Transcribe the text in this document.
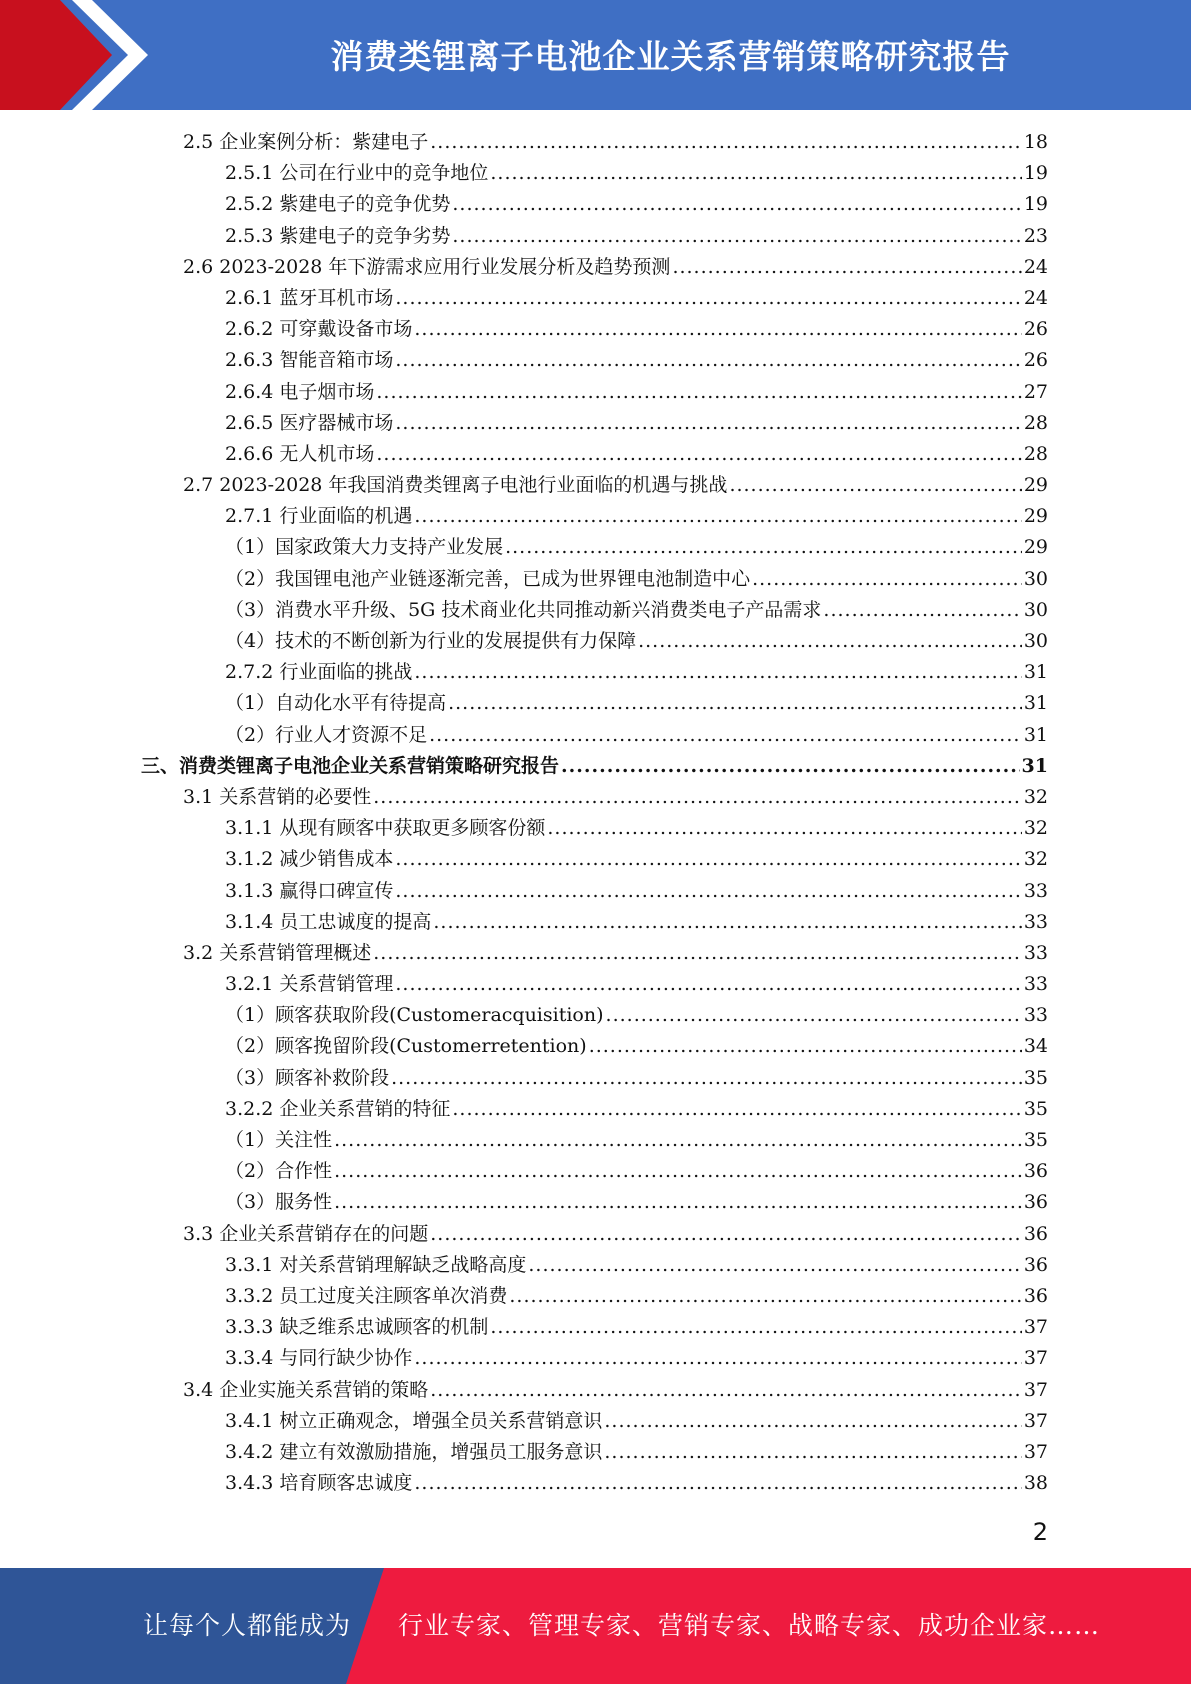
消费类锂离子电池企业关系营销策略研究报告
2.5 企业案例分析：紫建电子 .....	18
2.5.1 公司在行业中的竞争地位 .....	19
2.5.2 紫建电子的竞争优势 .....	19
2.5.3 紫建电子的竞争劣势 .....	23
2.6 2023-2028 年下游需求应用行业发展分析及趋势预测 .....	24
2.6.1 蓝牙耳机市场 .....	24
2.6.2 可穿戴设备市场 .....	26
2.6.3 智能音箱市场 .....	26
2.6.4 电子烟市场 .....	27
2.6.5 医疗器械市场 .....	28
2.6.6 无人机市场 .....	28
2.7 2023-2028 年我国消费类锂离子电池行业面临的机遇与挑战 .....	29
2.7.1 行业面临的机遇 .....	29
（1）国家政策大力支持产业发展 .....	29
（2）我国锂电池产业链逐渐完善，已成为世界锂电池制造中心 .....	30
（3）消费水平升级、5G 技术商业化共同推动新兴消费类电子产品需求 .....	30
（4）技术的不断创新为行业的发展提供有力保障 .....	30
2.7.2 行业面临的挑战 .....	31
（1）自动化水平有待提高 .....	31
（2）行业人才资源不足 .....	31
三、消费类锂离子电池企业关系营销策略研究报告 .....	31
3.1 关系营销的必要性 .....	32
3.1.1 从现有顾客中获取更多顾客份额 .....	32
3.1.2 减少销售成本 .....	32
3.1.3 赢得口碑宣传 .....	33
3.1.4 员工忠诚度的提高 .....	33
3.2 关系营销管理概述 .....	33
3.2.1 关系营销管理 .....	33
（1）顾客获取阶段(Customeracquisition) .....	33
（2）顾客挽留阶段(Customerretention) .....	34
（3）顾客补救阶段 .....	35
3.2.2 企业关系营销的特征 .....	35
（1）关注性 .....	35
（2）合作性 .....	36
（3）服务性 .....	36
3.3 企业关系营销存在的问题 .....	36
3.3.1 对关系营销理解缺乏战略高度 .....	36
3.3.2 员工过度关注顾客单次消费 .....	36
3.3.3 缺乏维系忠诚顾客的机制 .....	37
3.3.4 与同行缺少协作 .....	37
3.4 企业实施关系营销的策略 .....	37
3.4.1 树立正确观念，增强全员关系营销意识 .....	37
3.4.2 建立有效激励措施，增强员工服务意识 .....	37
3.4.3 培育顾客忠诚度 .....	38
2
让每个人都能成为 行业专家、管理专家、营销专家、战略专家、成功企业家……
